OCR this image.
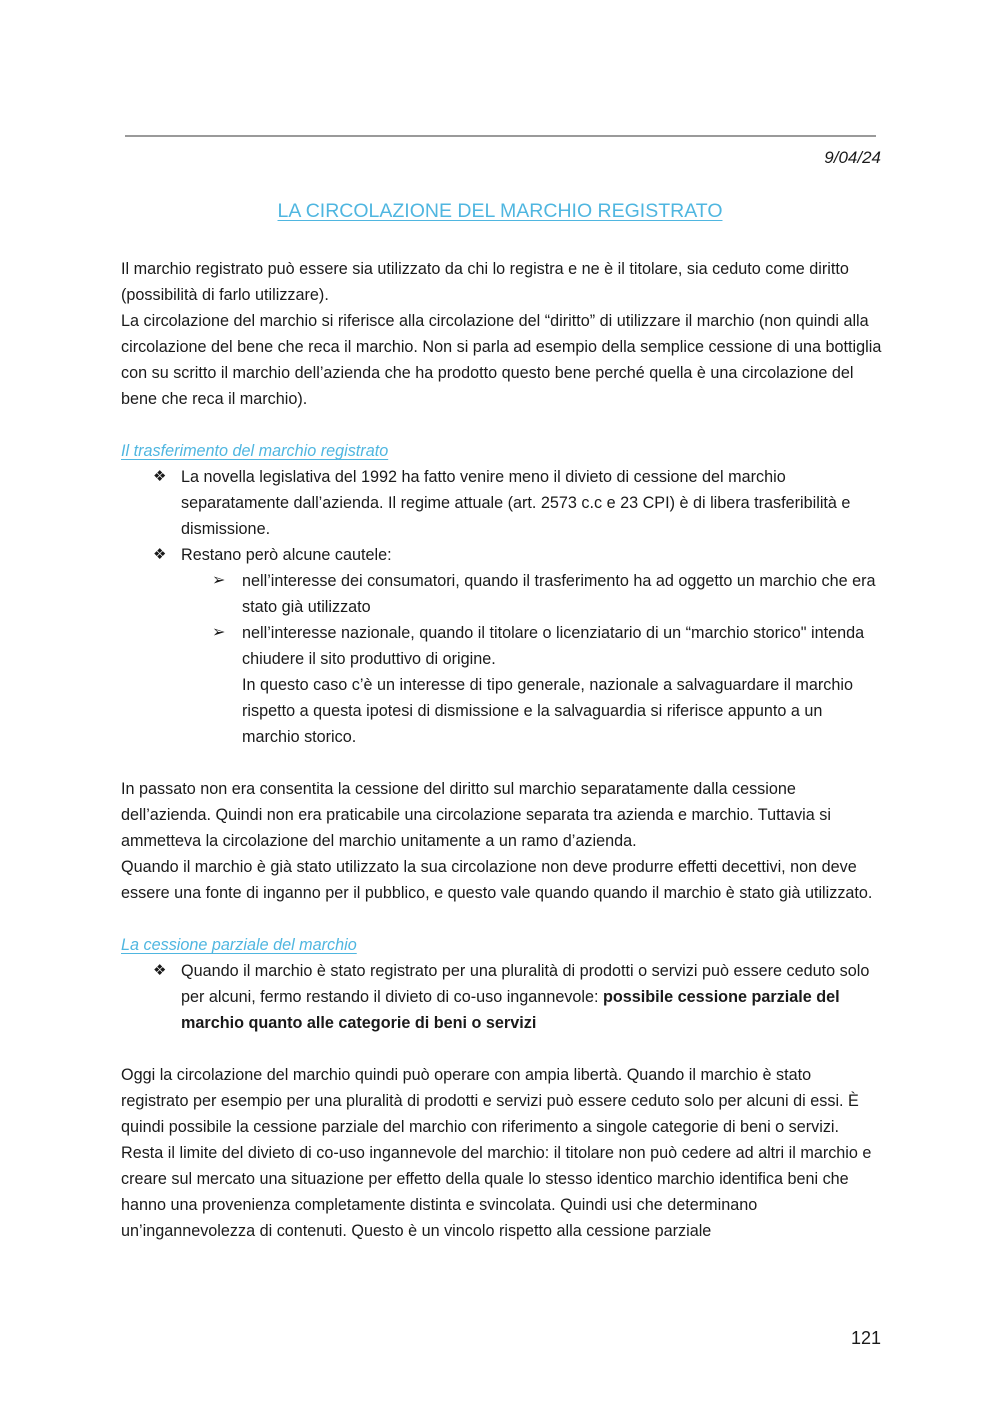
9/04/24
LA CIRCOLAZIONE DEL MARCHIO REGISTRATO

Il marchio registrato può essere sia utilizzato da chi lo registra e ne è il titolare, sia ceduto come diritto (possibilità di farlo utilizzare).

La circolazione del marchio si riferisce alla circolazione del “diritto” di utilizzare il marchio (non quindi alla circolazione del bene che reca il marchio. Non si parla ad esempio della semplice cessione di una bottiglia con su scritto il marchio dell’azienda che ha prodotto questo bene perché quella è una circolazione del bene che reca il marchio).

Il trasferimento del marchio registrato

❖ La novella legislativa del 1992 ha fatto venire meno il divieto di cessione del marchio separatamente dall’azienda. Il regime attuale (art. 2573 c.c e 23 CPI) è di libera trasferibilità e dismissione.
❖ Restano però alcune cautele:
➢ nell’interesse dei consumatori, quando il trasferimento ha ad oggetto un marchio che era stato già utilizzato
➢ nell’interesse nazionale, quando il titolare o licenziatario di un “marchio storico" intenda chiudere il sito produttivo di origine.

In questo caso c’è un interesse di tipo generale, nazionale a salvaguardare il marchio rispetto a questa ipotesi di dismissione e la salvaguardia si riferisce appunto a un marchio storico.

In passato non era consentita la cessione del diritto sul marchio separatamente dalla cessione dell’azienda. Quindi non era praticabile una circolazione separata tra azienda e marchio. Tuttavia si ammetteva la circolazione del marchio unitamente a un ramo d’azienda.

Quando il marchio è già stato utilizzato la sua circolazione non deve produrre effetti decettivi, non deve essere una fonte di inganno per il pubblico, e questo vale quando quando il marchio è stato già utilizzato.

La cessione parziale del marchio

❖ Quando il marchio è stato registrato per una pluralità di prodotti o servizi può essere ceduto solo per alcuni, fermo restando il divieto di co-uso ingannevole: possibile cessione parziale del marchio quanto alle categorie di beni o servizi

Oggi la circolazione del marchio quindi può operare con ampia libertà. Quando il marchio è stato registrato per esempio per una pluralità di prodotti e servizi può essere ceduto solo per alcuni di essi. È quindi possibile la cessione parziale del marchio con riferimento a singole categorie di beni o servizi. Resta il limite del divieto di co-uso ingannevole del marchio: il titolare non può cedere ad altri il marchio e creare sul mercato una situazione per effetto della quale lo stesso identico marchio identifica beni che hanno una provenienza completamente distinta e svincolata. Quindi usi che determinano un’ingannevolezza di contenuti. Questo è un vincolo rispetto alla cessione parziale

121
